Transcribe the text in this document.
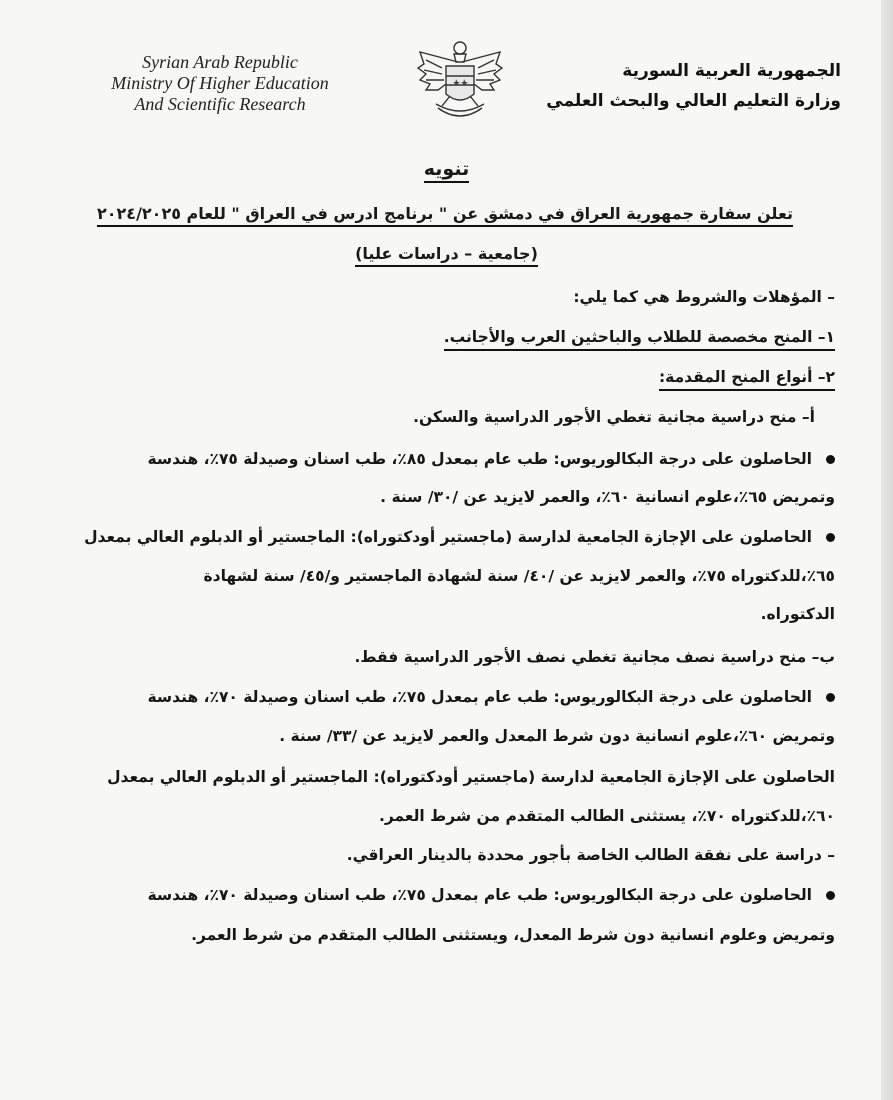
Syrian Arab Republic
Ministry Of Higher Education
And Scientific Research
الجمهورية العربية السورية
وزارة التعليم العالي والبحث العلمي
تنويه
تعلن سفارة جمهورية العراق في دمشق عن " برنامج ادرس في العراق " للعام ٢٠٢٤/٢٠٢٥
(جامعية – دراسات عليا)
– المؤهلات والشروط هي كما يلي:
١– المنح مخصصة للطلاب والباحثين العرب والأجانب.
٢– أنواع المنح المقدمة:
أ– منح دراسية مجانية تغطي الأجور الدراسية والسكن.
الحاصلون على درجة البكالوريوس: طب عام بمعدل ٨٥٪، طب اسنان وصيدلة ٧٥٪، هندسة
وتمريض ٦٥٪،علوم انسانية ٦٠٪، والعمر لايزيد عن /٣٠/ سنة .
الحاصلون على الإجازة الجامعية لدارسة (ماجستير أودكتوراه): الماجستير أو الدبلوم العالي بمعدل
٦٥٪،للدكتوراه ٧٥٪، والعمر لايزيد عن /٤٠/ سنة لشهادة الماجستير و/٤٥/ سنة لشهادة
الدكتوراه.
ب– منح دراسية نصف مجانية تغطي نصف الأجور الدراسية فقط.
الحاصلون على درجة البكالوريوس: طب عام بمعدل ٧٥٪، طب اسنان وصيدلة ٧٠٪، هندسة
وتمريض ٦٠٪،علوم انسانية دون شرط المعدل والعمر لايزيد عن /٣٣/ سنة .
الحاصلون على الإجازة الجامعية لدارسة (ماجستير أودكتوراه): الماجستير أو الدبلوم العالي بمعدل
٦٠٪،للدكتوراه ٧٠٪، يستثنى الطالب المتقدم من شرط العمر.
– دراسة على نفقة الطالب الخاصة بأجور محددة بالدينار العراقي.
الحاصلون على درجة البكالوريوس: طب عام بمعدل ٧٥٪، طب اسنان وصيدلة ٧٠٪، هندسة
وتمريض وعلوم انسانية دون شرط المعدل، ويستثنى الطالب المتقدم من شرط العمر.
